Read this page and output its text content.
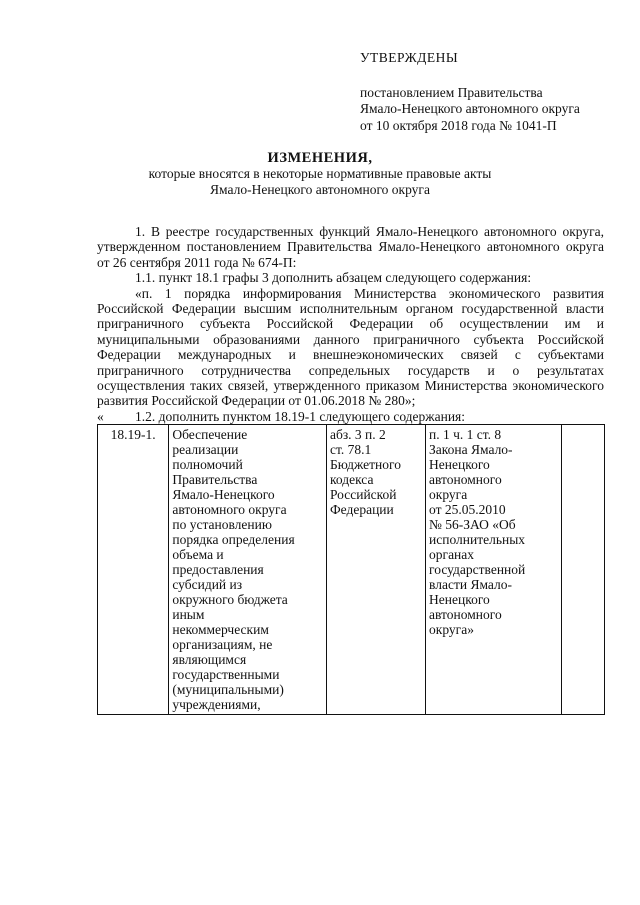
УТВЕРЖДЕНЫ
постановлением Правительства
Ямало-Ненецкого автономного округа
от 10 октября 2018 года № 1041-П
ИЗМЕНЕНИЯ,
которые вносятся в некоторые нормативные правовые акты
Ямало-Ненецкого автономного округа

1. В реестре государственных функций Ямало-Ненецкого автономного округа, утвержденном постановлением Правительства Ямало-Ненецкого автономного округа от 26 сентября 2011 года № 674-П:

1.1. пункт 18.1 графы 3 дополнить абзацем следующего содержания:

«п. 1 порядка информирования Министерства экономического развития Российской Федерации высшим исполнительным органом государственной власти приграничного субъекта Российской Федерации об осуществлении им и муниципальными образованиями данного приграничного субъекта Российской Федерации международных и внешнеэкономических связей с субъектами приграничного сотрудничества сопредельных государств и о результатах осуществления таких связей, утвержденного приказом Министерства экономического развития Российской Федерации от 01.06.2018 № 280»;

1.2. дополнить пунктом 18.19-1 следующего содержания:

«
18.19-1.	Обеспечение
реализации
полномочий
Правительства
Ямало-Ненецкого
автономного округа
по установлению
порядка определения
объема и
предоставления
субсидий из
окружного бюджета
иным
некоммерческим
организациям, не
являющимся
государственными
(муниципальными)
учреждениями,	абз. 3 п. 2
ст. 78.1
Бюджетного
кодекса
Российской
Федерации	п. 1 ч. 1 ст. 8
Закона Ямало-
Ненецкого
автономного
округа
от 25.05.2010
№ 56-ЗАО «Об
исполнительных
органах
государственной
власти Ямало-
Ненецкого
автономного
округа»	
